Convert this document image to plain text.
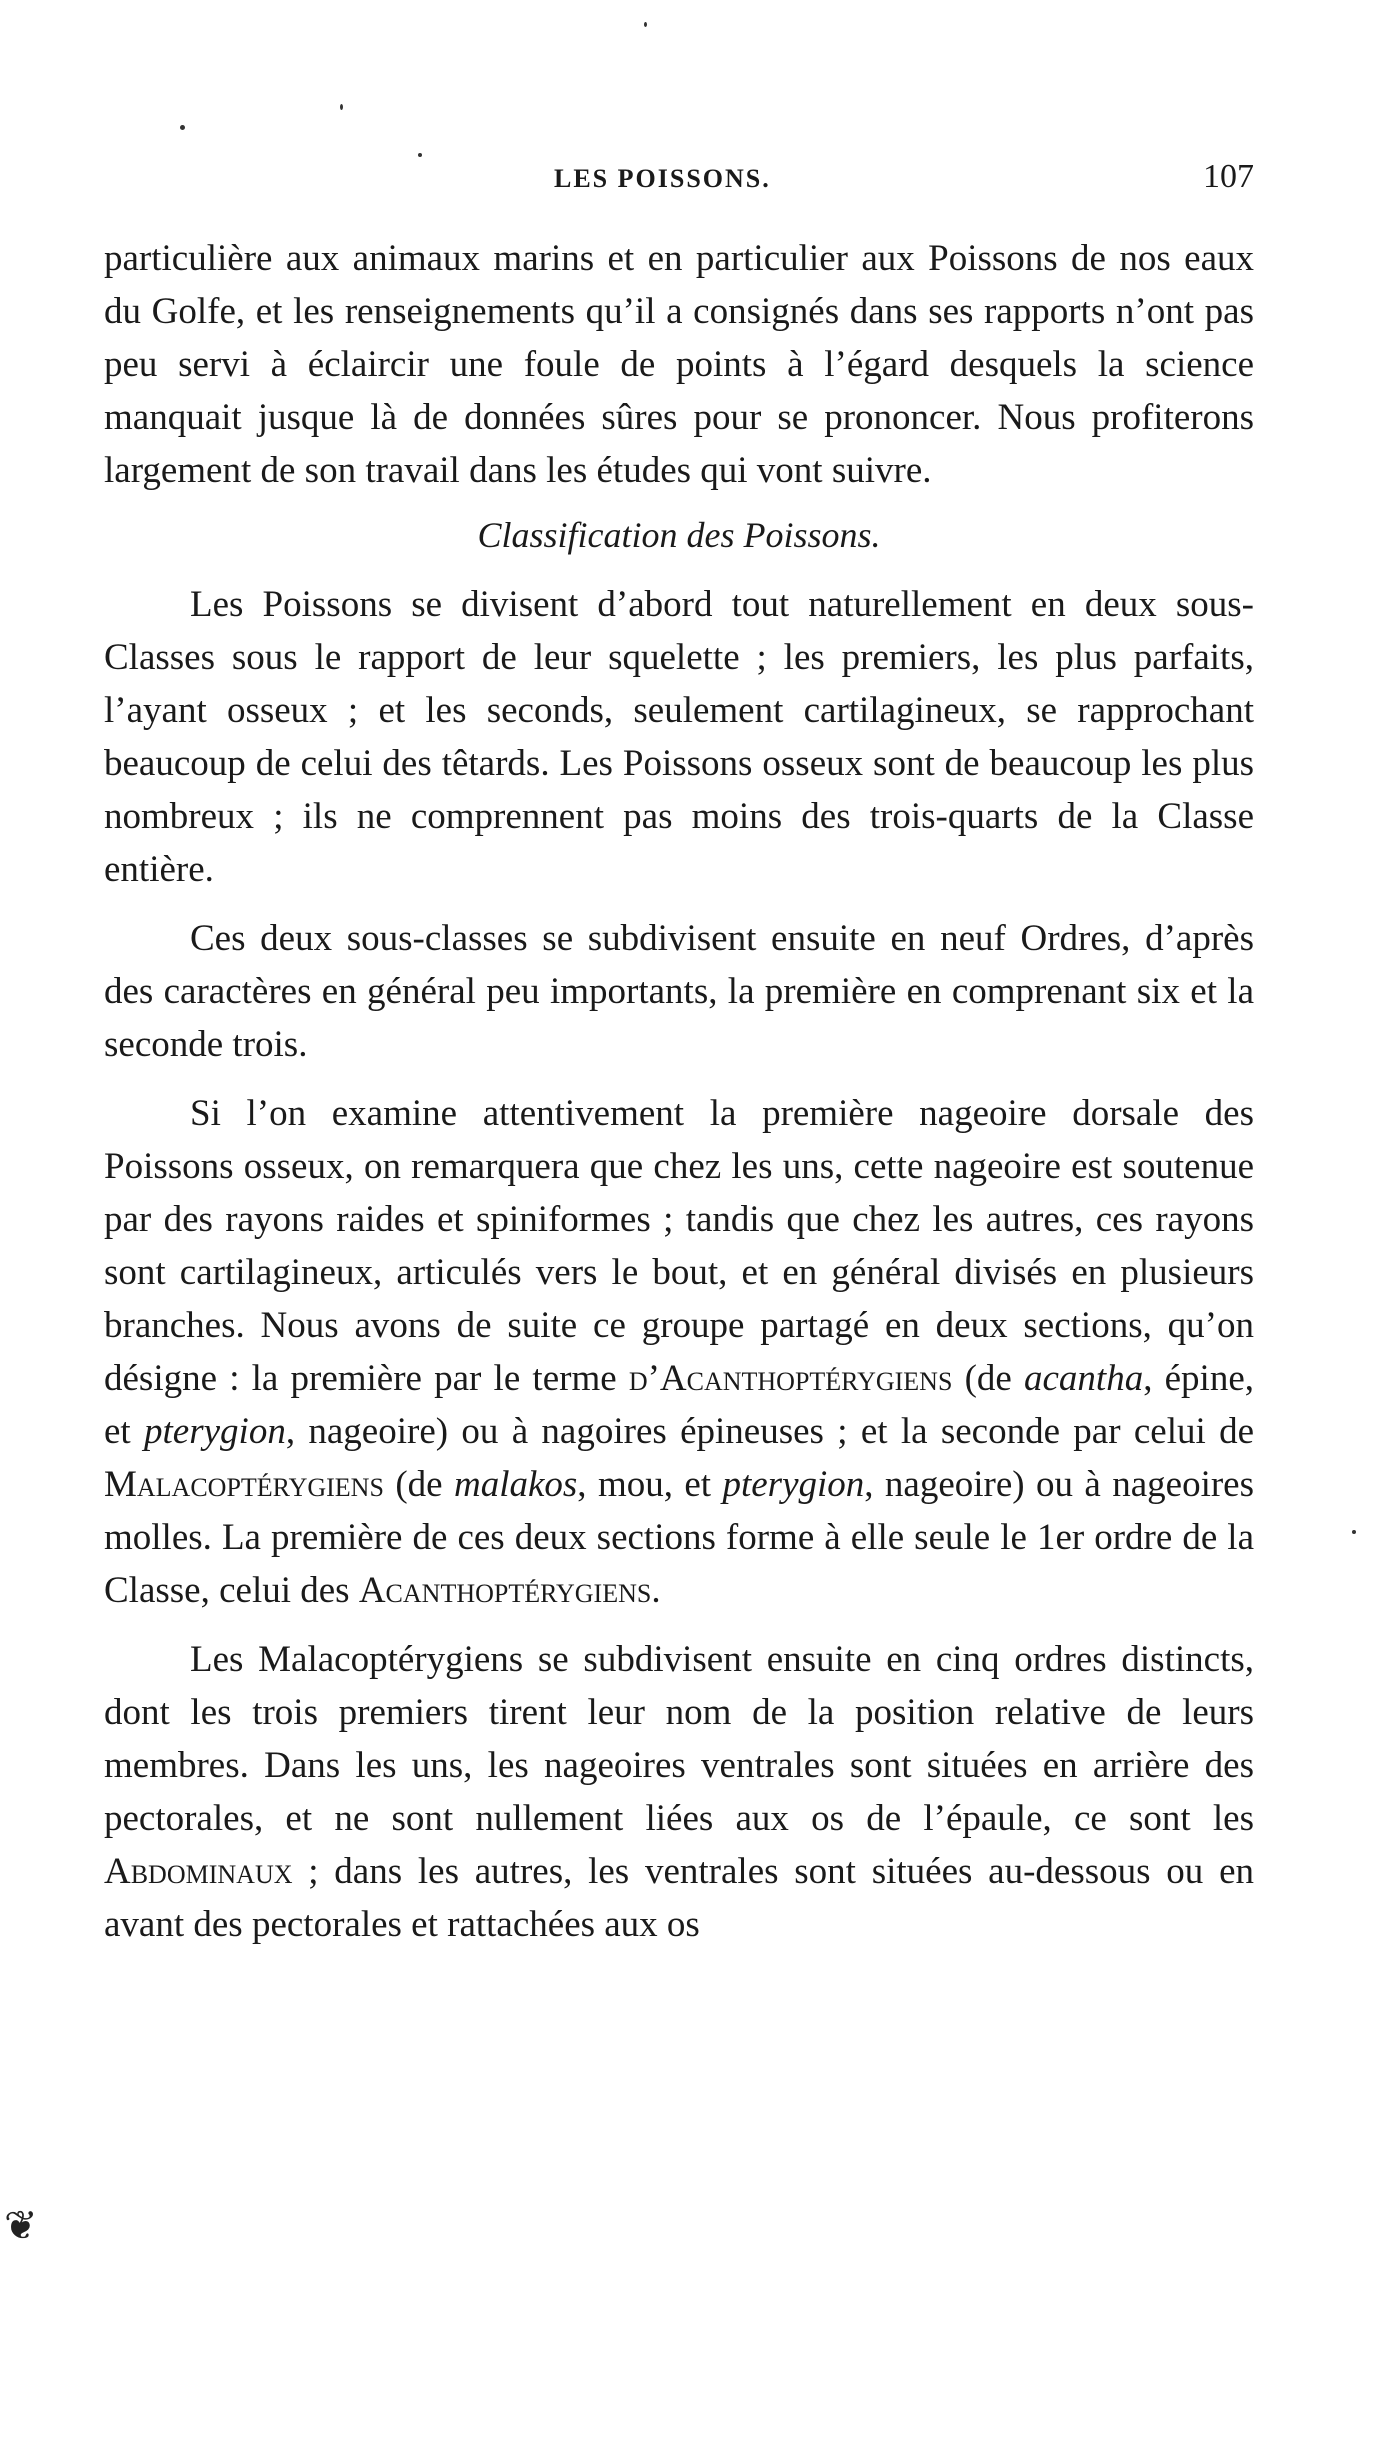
LES POISSONS.	107

particulière aux animaux marins et en particulier aux Poissons de nos eaux du Golfe, et les renseignements qu’il a consignés dans ses rapports n’ont pas peu servi à éclaircir une foule de points à l’égard desquels la science manquait jusque là de données sûres pour se prononcer. Nous profiterons largement de son travail dans les études qui vont suivre.

Classification des Poissons.

Les Poissons se divisent d’abord tout naturellement en deux sous-Classes sous le rapport de leur squelette ; les premiers, les plus parfaits, l’ayant osseux ; et les seconds, seulement cartilagineux, se rapprochant beaucoup de celui des têtards. Les Poissons osseux sont de beaucoup les plus nombreux ; ils ne comprennent pas moins des trois-quarts de la Classe entière.

Ces deux sous-classes se subdivisent ensuite en neuf Ordres, d’après des caractères en général peu importants, la première en comprenant six et la seconde trois.

Si l’on examine attentivement la première nageoire dorsale des Poissons osseux, on remarquera que chez les uns, cette nageoire est soutenue par des rayons raides et spiniformes ; tandis que chez les autres, ces rayons sont cartilagineux, articulés vers le bout, et en général divisés en plusieurs branches. Nous avons de suite ce groupe partagé en deux sections, qu’on désigne : la première par le terme d’Acanthoptérygiens (de acantha, épine, et pterygion, nageoire) ou à nagoires épineuses ; et la seconde par celui de Malacoptérygiens (de malakos, mou, et pterygion, nageoire) ou à nageoires molles. La première de ces deux sections forme à elle seule le 1er ordre de la Classe, celui des Acanthoptérygiens.

Les Malacoptérygiens se subdivisent ensuite en cinq ordres distincts, dont les trois premiers tirent leur nom de la position relative de leurs membres. Dans les uns, les nageoires ventrales sont situées en arrière des pectorales, et ne sont nullement liées aux os de l’épaule, ce sont les Abdominaux ; dans les autres, les ventrales sont situées au-dessous ou en avant des pectorales et rattachées aux os

❦
